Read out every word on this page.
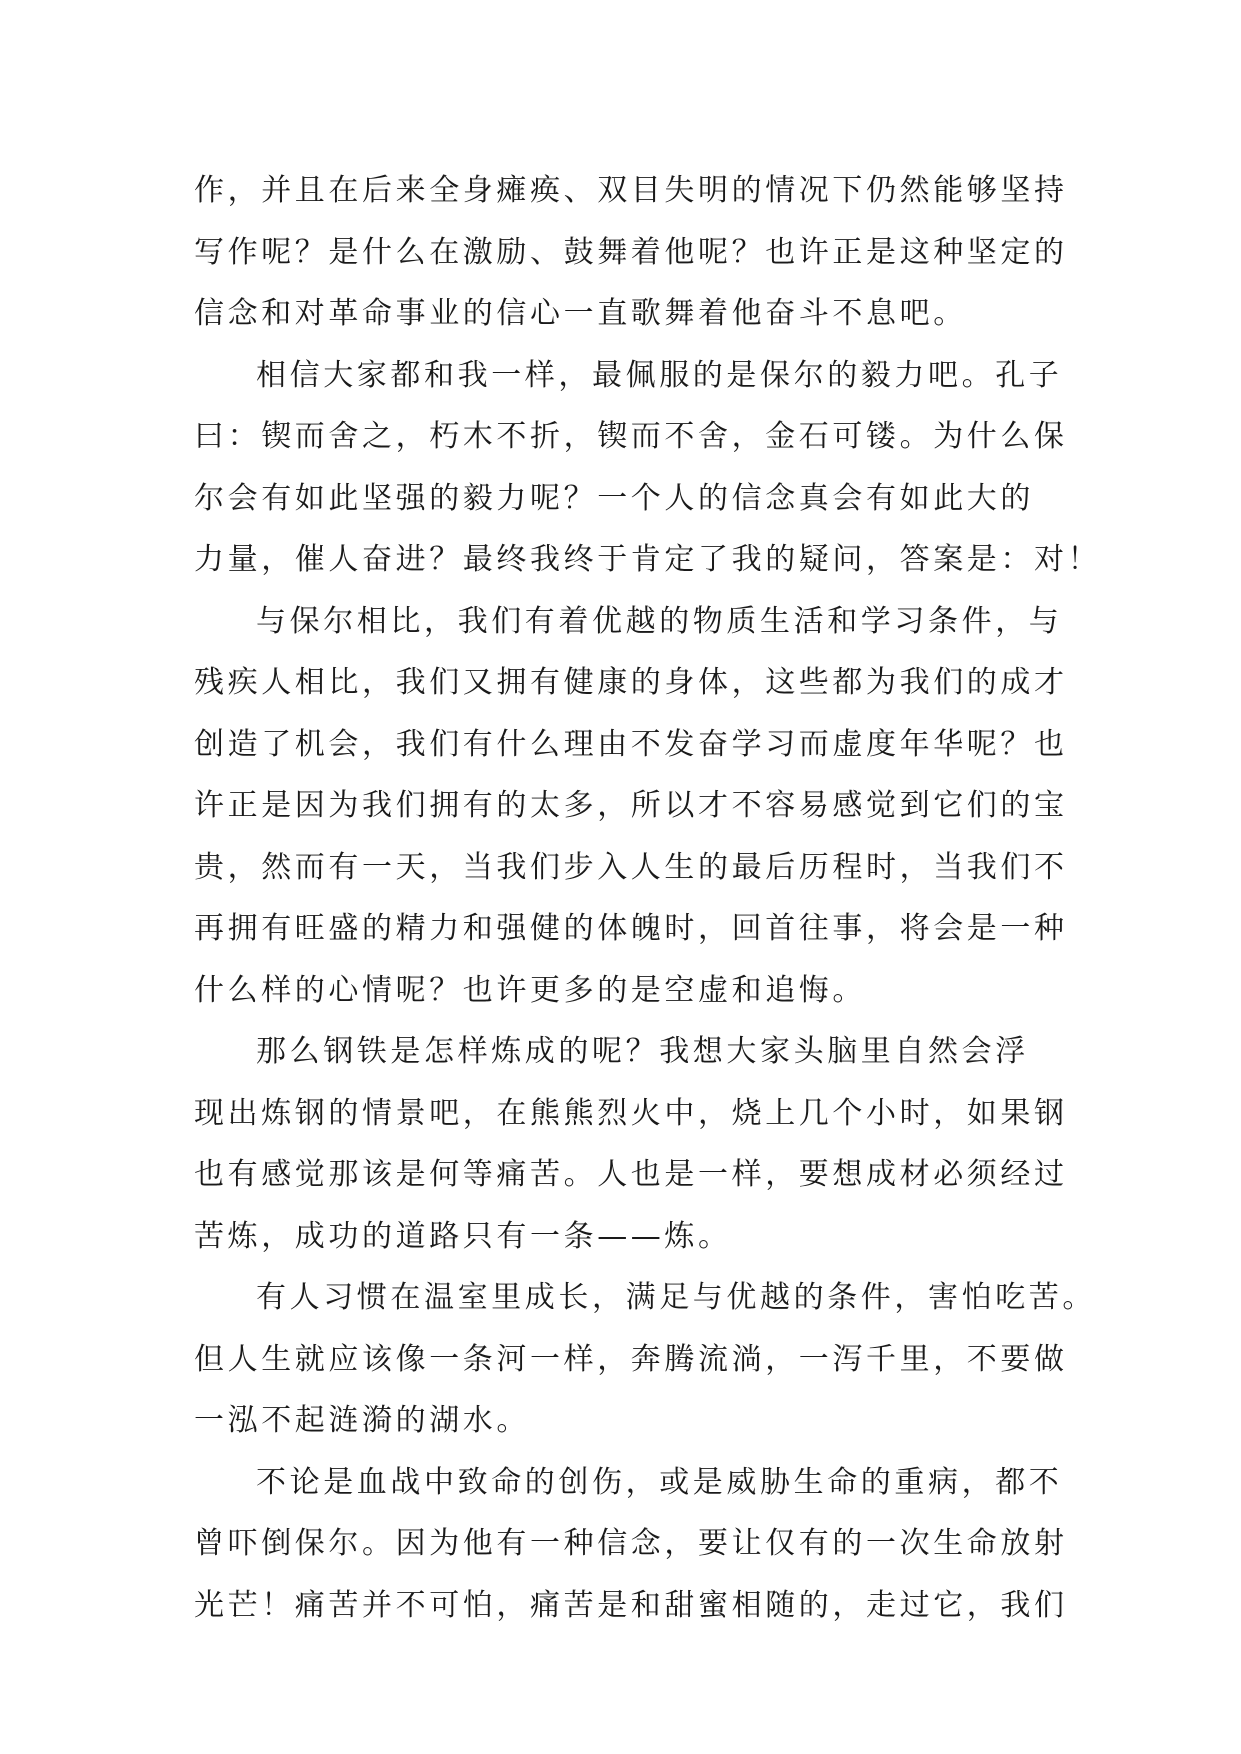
作，并且在后来全身瘫痪、双目失明的情况下仍然能够坚持
写作呢？是什么在激励、鼓舞着他呢？也许正是这种坚定的
信念和对革命事业的信心一直歌舞着他奋斗不息吧。
相信大家都和我一样，最佩服的是保尔的毅力吧。孔子
曰：锲而舍之，朽木不折，锲而不舍，金石可镂。为什么保
尔会有如此坚强的毅力呢？一个人的信念真会有如此大的
力量，催人奋进？最终我终于肯定了我的疑问，答案是：对！
与保尔相比，我们有着优越的物质生活和学习条件，与
残疾人相比，我们又拥有健康的身体，这些都为我们的成才
创造了机会，我们有什么理由不发奋学习而虚度年华呢？也
许正是因为我们拥有的太多，所以才不容易感觉到它们的宝
贵，然而有一天，当我们步入人生的最后历程时，当我们不
再拥有旺盛的精力和强健的体魄时，回首往事，将会是一种
什么样的心情呢？也许更多的是空虚和追悔。
那么钢铁是怎样炼成的呢？我想大家头脑里自然会浮
现出炼钢的情景吧，在熊熊烈火中，烧上几个小时，如果钢
也有感觉那该是何等痛苦。人也是一样，要想成材必须经过
苦炼，成功的道路只有一条——炼。
有人习惯在温室里成长，满足与优越的条件，害怕吃苦。
但人生就应该像一条河一样，奔腾流淌，一泻千里，不要做
一泓不起涟漪的湖水。
不论是血战中致命的创伤，或是威胁生命的重病，都不
曾吓倒保尔。因为他有一种信念，要让仅有的一次生命放射
光芒！痛苦并不可怕，痛苦是和甜蜜相随的，走过它，我们
